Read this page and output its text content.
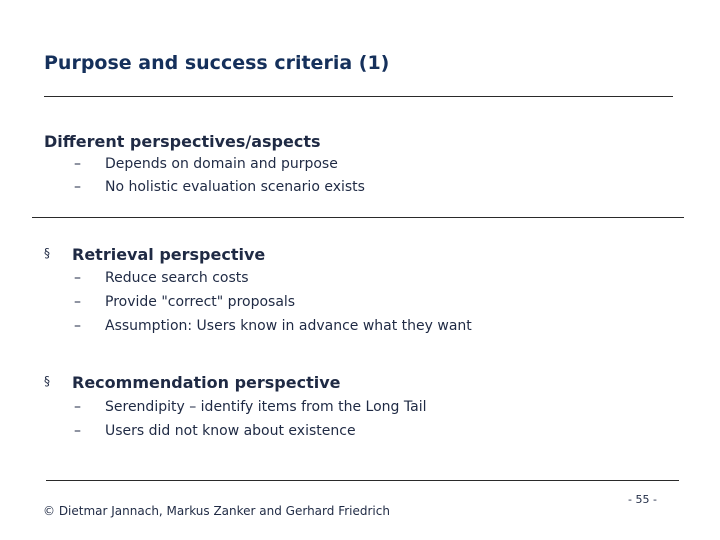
Purpose and success criteria (1)
Different perspectives/aspects
– Depends on domain and purpose
– No holistic evaluation scenario exists
§ Retrieval perspective
– Reduce search costs
– Provide "correct" proposals
– Assumption: Users know in advance what they want
§ Recommendation perspective
– Serendipity – identify items from the Long Tail
– Users did not know about existence
© Dietmar Jannach, Markus Zanker and Gerhard Friedrich
- 55 -
